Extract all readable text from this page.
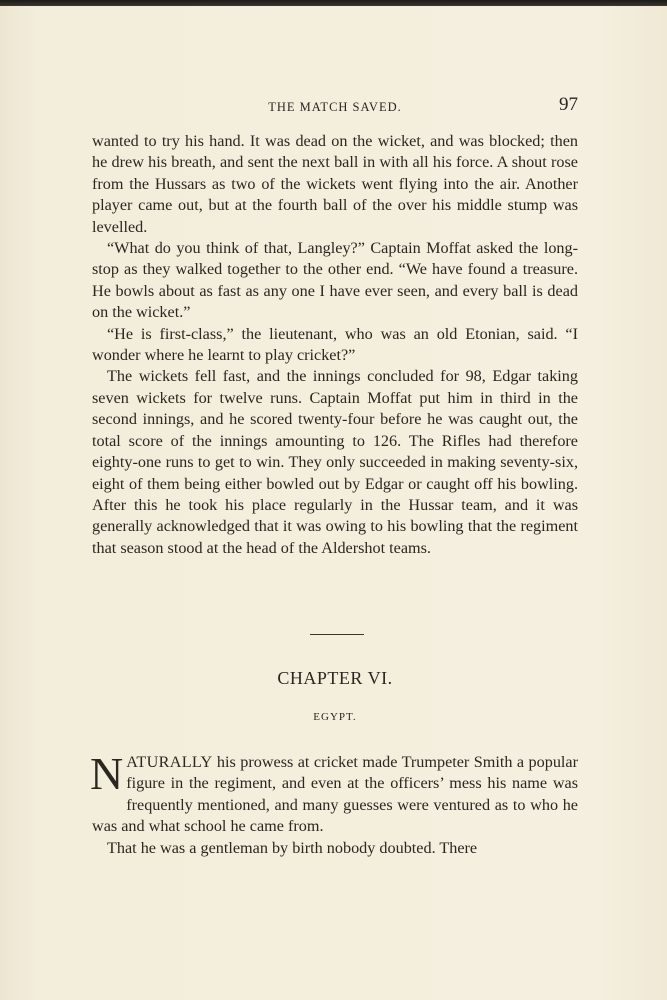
THE MATCH SAVED.	97

wanted to try his hand. It was dead on the wicket, and was blocked; then he drew his breath, and sent the next ball in with all his force. A shout rose from the Hussars as two of the wickets went flying into the air. Another player came out, but at the fourth ball of the over his middle stump was levelled.

“What do you think of that, Langley?” Captain Moffat asked the long-stop as they walked together to the other end. “We have found a treasure. He bowls about as fast as any one I have ever seen, and every ball is dead on the wicket.”

“He is first-class,” the lieutenant, who was an old Etonian, said. “I wonder where he learnt to play cricket?”

The wickets fell fast, and the innings concluded for 98, Edgar taking seven wickets for twelve runs. Captain Moffat put him in third in the second innings, and he scored twenty-four before he was caught out, the total score of the innings amounting to 126. The Rifles had therefore eighty-one runs to get to win. They only succeeded in making seventy-six, eight of them being either bowled out by Edgar or caught off his bowling. After this he took his place regularly in the Hussar team, and it was generally acknowledged that it was owing to his bowling that the regiment that season stood at the head of the Aldershot teams.

CHAPTER VI.
EGYPT.

NATURALLY his prowess at cricket made Trumpeter Smith a popular figure in the regiment, and even at the officers’ mess his name was frequently mentioned, and many guesses were ventured as to who he was and what school he came from.

That he was a gentleman by birth nobody doubted. There
